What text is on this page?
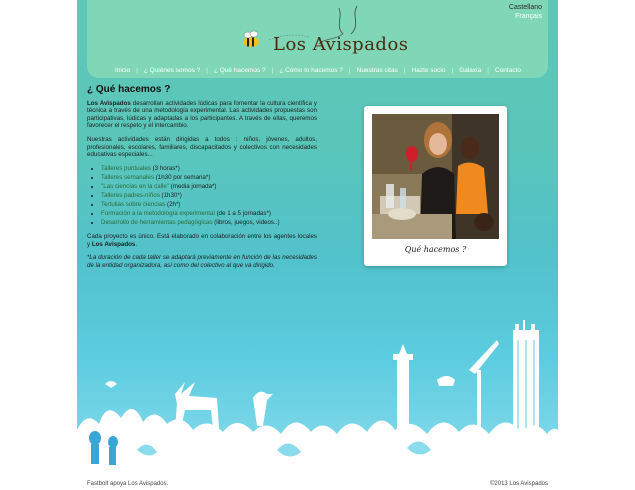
Castellano
Français
Los Avispados
Inicio | ¿ Quiénes somos ? | ¿ Qué hacemos ? | ¿ Cómo lo hacemos ? | Nuestras citas | Hazte socio | Galaxia | Contacto
¿ Qué hacemos ?

Los Avispados desarrollan actividades lúdicas para fomentar la cultura científica y técnica a través de una metodología experimental. Las actividades propuestas son participativas, lúdicas y adaptadas a los participantes. A través de ellas, queremos favorecer el respeto y el intercambio.

Nuestras actividades están dirigidas a todos : niños, jóvenes, adultos, profesionales, escolares, familiares, discapacitados y colectivos con necesidades educativas especiales...

• Talleres puntuales (3 horas*)
• Talleres semanales (1h30 por semana*)
• "Las ciencias en la calle" (media jornada*)
• Talleres padres-niños (1h30*)
• Tertulias sobre ciencias (2h*)
• Formación a la metodología experimental (de 1 a 5 jornadas*)
• Desarrollo de herramientas pedagógicas (libros, juegos, videos..)

Cada proyecto es único. Está elaborado en colaboración entre los agentes locales y Los Avispados.

*La duración de cada taller se adaptará previamente en función de las necesidades de la entidad organizadora, así como del colectivo al que va dirigido.

Qué hacemos ?
Fastbolt apoya Los Avispados.	©2013 Los Avispados
